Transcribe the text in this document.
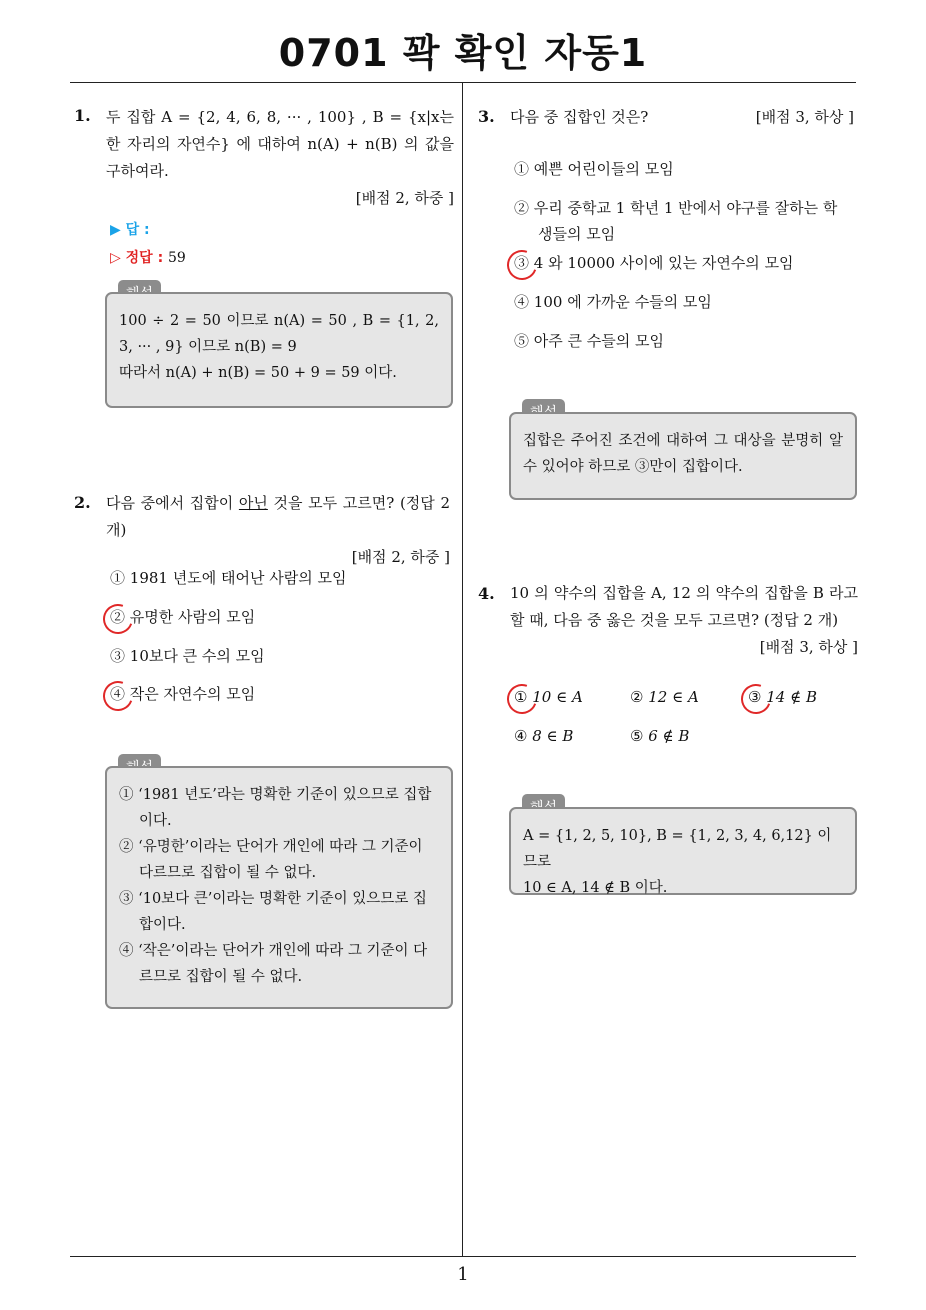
0701 꽉 확인 자동1
1
1. 두 집합 A = {2, 4, 6, 8, ··· , 100} , B = {x|x는 한 자리의 자연수} 에 대하여 n(A) + n(B) 의 값을 구하여라.
[배점 2, 하중 ]
▶ 답 :
▷ 정답 : 59
100 ÷ 2 = 50 이므로 n(A) = 50 , B = {1, 2, 3, ··· , 9} 이므로 n(B) = 9
따라서 n(A) + n(B) = 50 + 9 = 59 이다.
2. 다음 중에서 집합이 아닌 것을 모두 고르면? (정답 2 개)
[배점 2, 하중 ]
① 1981 년도에 태어난 사람의 모임
② 유명한 사람의 모임
③ 10보다 큰 수의 모임
④ 작은 자연수의 모임
① ‘1981 년도’라는 명확한 기준이 있으므로 집합이다.
② ‘유명한’이라는 단어가 개인에 따라 그 기준이 다르므로 집합이 될 수 없다.
③ ‘10보다 큰’이라는 명확한 기준이 있으므로 집합이다.
④ ‘작은’이라는 단어가 개인에 따라 그 기준이 다르므로 집합이 될 수 없다.
3. 다음 중 집합인 것은?	[배점 3, 하상 ]
① 예쁜 어린이들의 모임
② 우리 중학교 1 학년 1 반에서 야구를 잘하는 학생들의 모임
③ 4 와 10000 사이에 있는 자연수의 모임
④ 100 에 가까운 수들의 모임
⑤ 아주 큰 수들의 모임
집합은 주어진 조건에 대하여 그 대상을 분명히 알 수 있어야 하므로 ③만이 집합이다.
4. 10 의 약수의 집합을 A, 12 의 약수의 집합을 B 라고 할 때, 다음 중 옳은 것을 모두 고르면? (정답 2 개)
[배점 3, 하상 ]
① 10 ∈ A	② 12 ∈ A	③ 14 ∉ B
④ 8 ∈ B	⑤ 6 ∉ B
A = {1, 2, 5, 10}, B = {1, 2, 3, 4, 6,12} 이므로
10 ∈ A, 14 ∉ B 이다.
